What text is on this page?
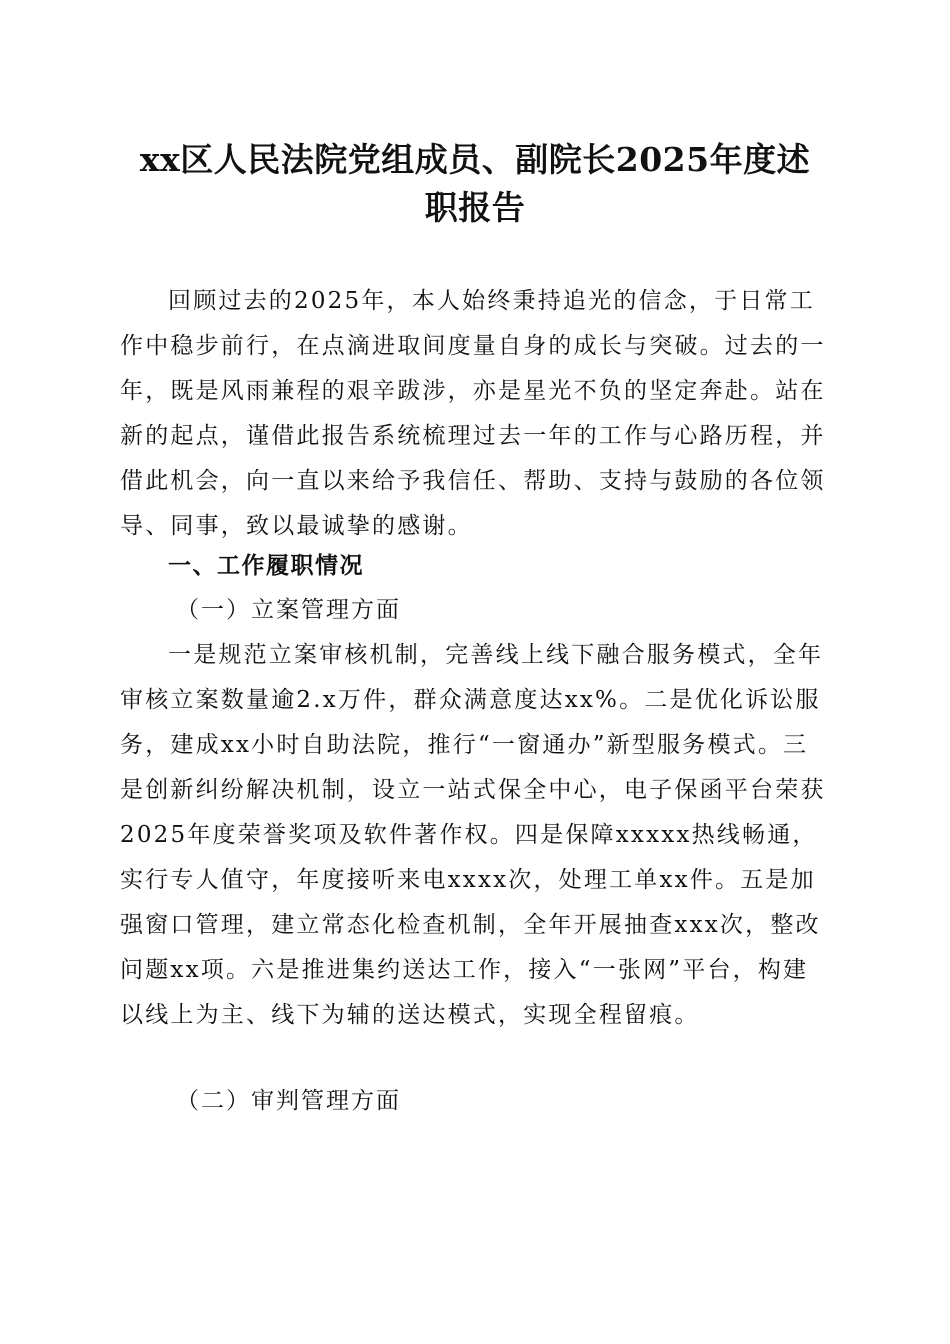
xx区人民法院党组成员、副院长2025年度述
职报告

回顾过去的2025年，本人始终秉持追光的信念，于日常工作中稳步前行，在点滴进取间度量自身的成长与突破。过去的一年，既是风雨兼程的艰辛跋涉，亦是星光不负的坚定奔赴。站在新的起点，谨借此报告系统梳理过去一年的工作与心路历程，并借此机会，向一直以来给予我信任、帮助、支持与鼓励的各位领导、同事，致以最诚挚的感谢。

一、工作履职情况
（一）立案管理方面

一是规范立案审核机制，完善线上线下融合服务模式，全年审核立案数量逾2.x万件，群众满意度达xx%。二是优化诉讼服务，建成xx小时自助法院，推行“一窗通办”新型服务模式。三是创新纠纷解决机制，设立一站式保全中心，电子保函平台荣获2025年度荣誉奖项及软件著作权。四是保障xxxxx热线畅通，实行专人值守，年度接听来电xxxx次，处理工单xx件。五是加强窗口管理，建立常态化检查机制，全年开展抽查xxx次，整改问题xx项。六是推进集约送达工作，接入“一张网”平台，构建以线上为主、线下为辅的送达模式，实现全程留痕。

（二）审判管理方面
